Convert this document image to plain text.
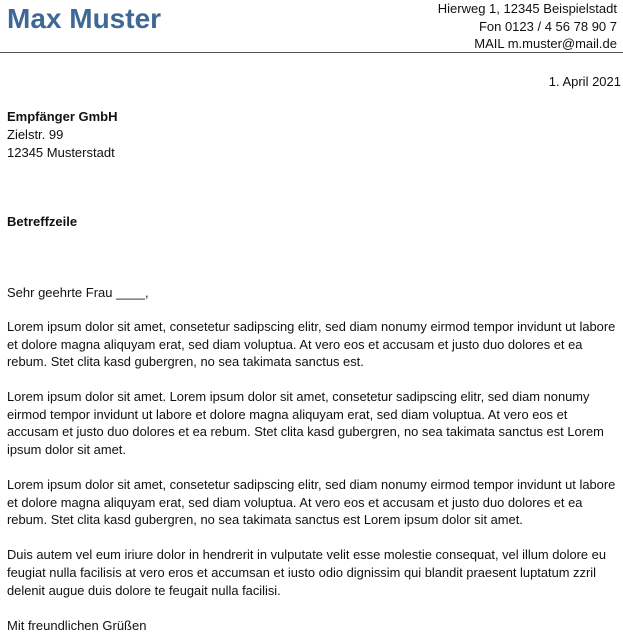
Max Muster	Hierweg 1, 12345 Beispielstadt
Fon 0123 / 4 56 78 90 7
MAIL m.muster@mail.de
1. April 2021
Empfänger GmbH
Zielstr. 99
12345 Musterstadt
Betreffzeile
Sehr geehrte Frau ____,

Lorem ipsum dolor sit amet, consetetur sadipscing elitr, sed diam nonumy eirmod tempor invidunt ut labore et dolore magna aliquyam erat, sed diam voluptua. At vero eos et accusam et justo duo dolores et ea rebum. Stet clita kasd gubergren, no sea takimata sanctus est.

Lorem ipsum dolor sit amet. Lorem ipsum dolor sit amet, consetetur sadipscing elitr, sed diam nonumy eirmod tempor invidunt ut labore et dolore magna aliquyam erat, sed diam voluptua. At vero eos et accusam et justo duo dolores et ea rebum. Stet clita kasd gubergren, no sea takimata sanctus est Lorem ipsum dolor sit amet.

Lorem ipsum dolor sit amet, consetetur sadipscing elitr, sed diam nonumy eirmod tempor invidunt ut labore et dolore magna aliquyam erat, sed diam voluptua. At vero eos et accusam et justo duo dolores et ea rebum. Stet clita kasd gubergren, no sea takimata sanctus est Lorem ipsum dolor sit amet.

Duis autem vel eum iriure dolor in hendrerit in vulputate velit esse molestie consequat, vel illum dolore eu feugiat nulla facilisis at vero eros et accumsan et iusto odio dignissim qui blandit praesent luptatum zzril delenit augue duis dolore te feugait nulla facilisi.

Mit freundlichen Grüßen
